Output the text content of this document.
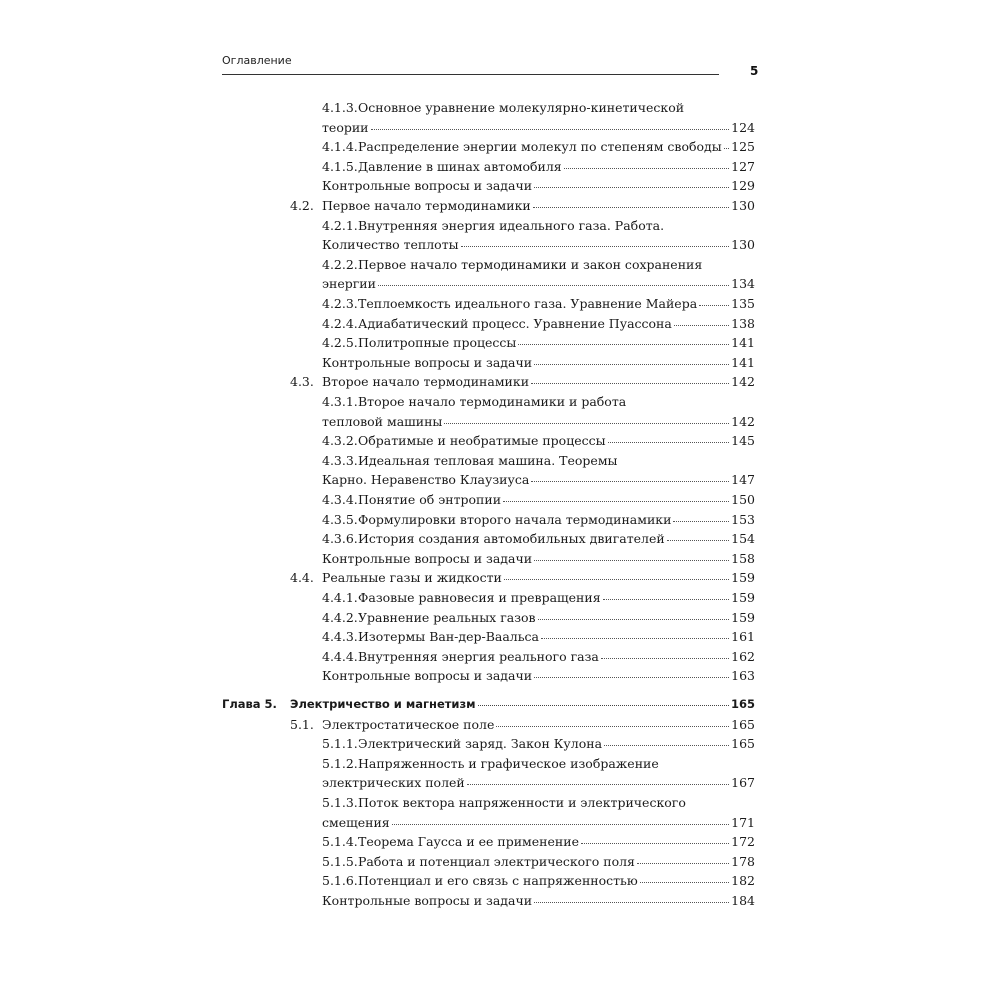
Оглавление
5
4.1.3. Основное уравнение молекулярно-кинетической
теории	124
4.1.4. Распределение энергии молекул по степеням свободы 125
4.1.5. Давление в шинах автомобиля	127
Контрольные вопросы и задачи	129
4.2. Первое начало термодинамики	130
4.2.1. Внутренняя энергия идеального газа. Работа.
Количество теплоты	130
4.2.2. Первое начало термодинамики и закон сохранения
энергии	134
4.2.3. Теплоемкость идеального газа. Уравнение Майера	135
4.2.4. Адиабатический процесс. Уравнение Пуассона	138
4.2.5. Политропные процессы	141
Контрольные вопросы и задачи	141
4.3. Второе начало термодинамики	142
4.3.1. Второе начало термодинамики и работа
тепловой машины	142
4.3.2. Обратимые и необратимые процессы	145
4.3.3. Идеальная тепловая машина. Теоремы
Карно. Неравенство Клаузиуса	147
4.3.4. Понятие об энтропии	150
4.3.5. Формулировки второго начала термодинамики	153
4.3.6. История создания автомобильных двигателей	154
Контрольные вопросы и задачи	158
4.4. Реальные газы и жидкости	159
4.4.1. Фазовые равновесия и превращения	159
4.4.2. Уравнение реальных газов	159
4.4.3. Изотермы Ван-дер-Ваальса	161
4.4.4. Внутренняя энергия реального газа	162
Контрольные вопросы и задачи	163
Глава 5. Электричество и магнетизм	165
5.1. Электростатическое поле	165
5.1.1. Электрический заряд. Закон Кулона	165
5.1.2. Напряженность и графическое изображение
электрических полей	167
5.1.3. Поток вектора напряженности и электрического
смещения	171
5.1.4. Теорема Гаусса и ее применение	172
5.1.5. Работа и потенциал электрического поля	178
5.1.6. Потенциал и его связь с напряженностью	182
Контрольные вопросы и задачи	184
